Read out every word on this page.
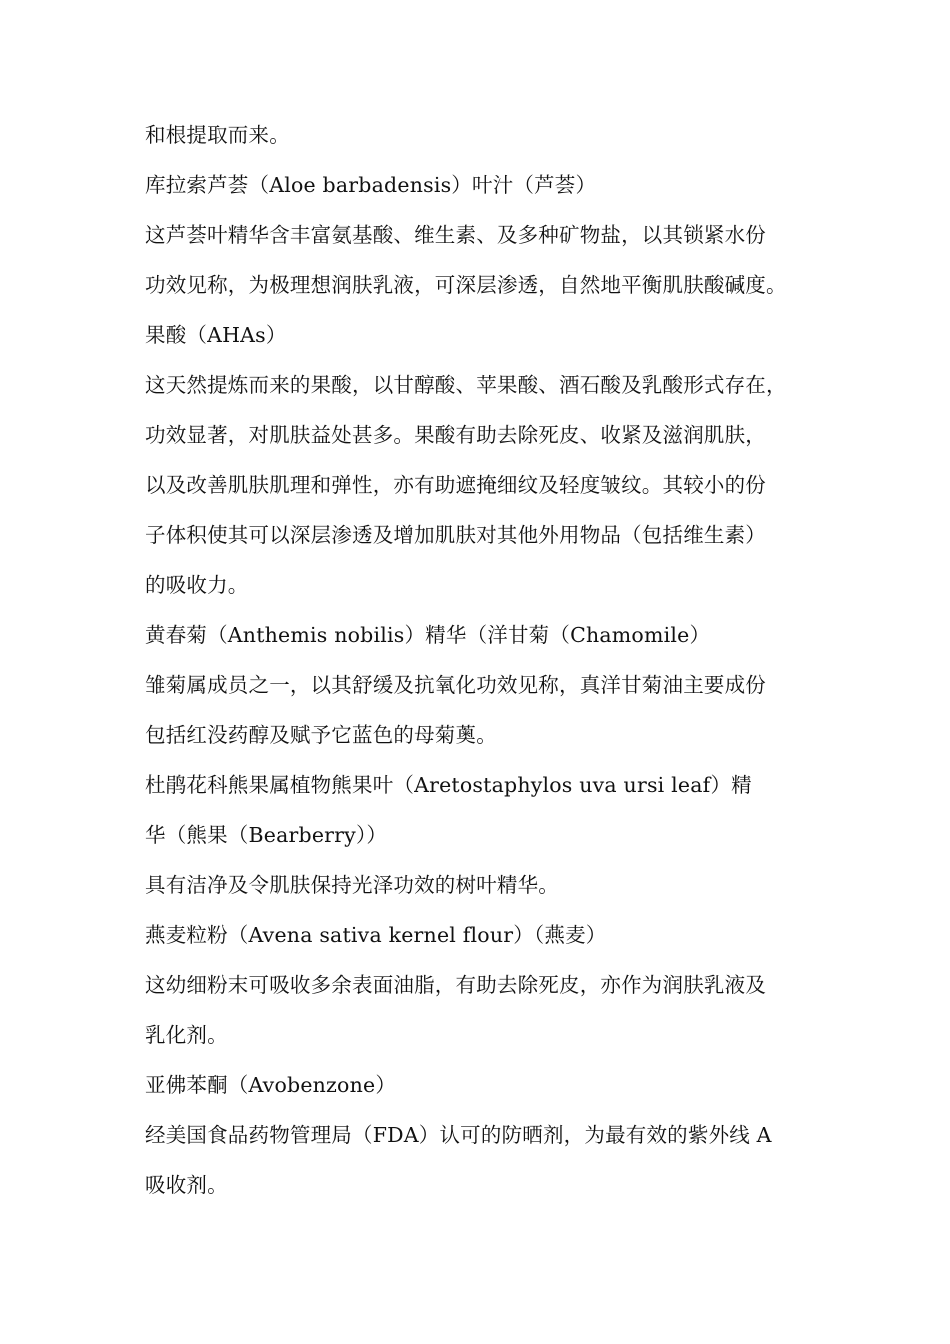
和根提取而来。
库拉索芦荟（Aloe barbadensis）叶汁（芦荟）
这芦荟叶精华含丰富氨基酸、维生素、及多种矿物盐，以其锁紧水份
功效见称，为极理想润肤乳液，可深层渗透，自然地平衡肌肤酸碱度。
果酸（AHAs）
这天然提炼而来的果酸，以甘醇酸、苹果酸、酒石酸及乳酸形式存在，
功效显著，对肌肤益处甚多。果酸有助去除死皮、收紧及滋润肌肤，
以及改善肌肤肌理和弹性，亦有助遮掩细纹及轻度皱纹。其较小的份
子体积使其可以深层渗透及增加肌肤对其他外用物品（包括维生素）
的吸收力。
黄春菊（Anthemis nobilis）精华（洋甘菊（Chamomile）
雏菊属成员之一，以其舒缓及抗氧化功效见称，真洋甘菊油主要成份
包括红没药醇及赋予它蓝色的母菊薁。
杜鹃花科熊果属植物熊果叶（Aretostaphylos uva ursi leaf）精
华（熊果（Bearberry））
具有洁净及令肌肤保持光泽功效的树叶精华。
燕麦粒粉（Avena sativa kernel flour）（燕麦）
这幼细粉末可吸收多余表面油脂，有助去除死皮，亦作为润肤乳液及
乳化剂。
亚佛苯酮（Avobenzone）
经美国食品药物管理局（FDA）认可的防晒剂，为最有效的紫外线 A
吸收剂。
